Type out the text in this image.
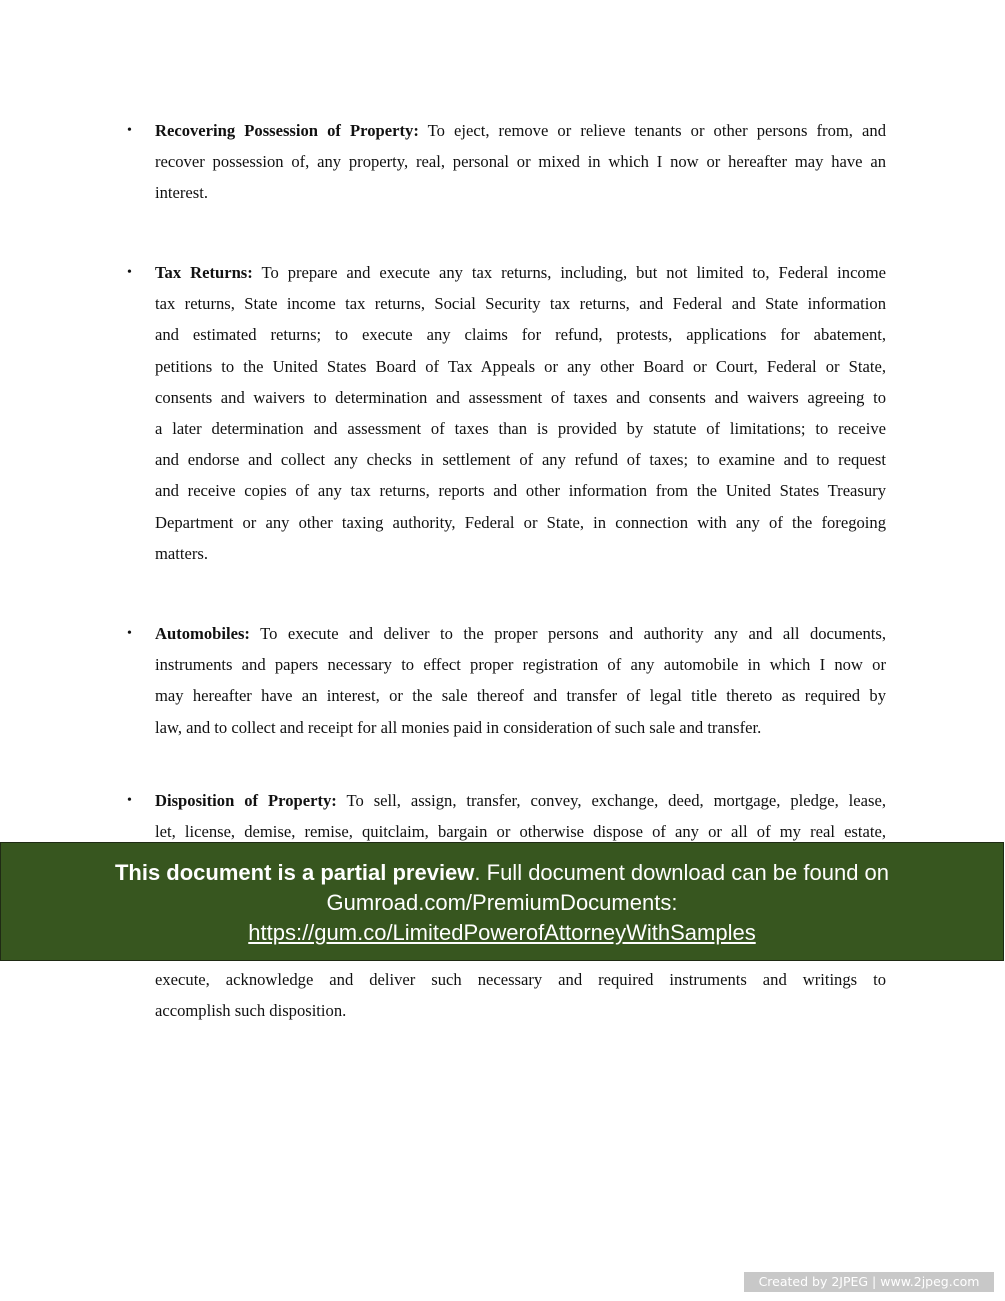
• Recovering Possession of Property: To eject, remove or relieve tenants or other persons from, and
recover possession of, any property, real, personal or mixed in which I now or hereafter may have an
interest.
• Tax Returns: To prepare and execute any tax returns, including, but not limited to, Federal income
tax returns, State income tax returns, Social Security tax returns, and Federal and State information
and estimated returns; to execute any claims for refund, protests, applications for abatement,
petitions to the United States Board of Tax Appeals or any other Board or Court, Federal or State,
consents and waivers to determination and assessment of taxes and consents and waivers agreeing to
a later determination and assessment of taxes than is provided by statute of limitations; to receive
and endorse and collect any checks in settlement of any refund of taxes; to examine and to request
and receive copies of any tax returns, reports and other information from the United States Treasury
Department or any other taxing authority, Federal or State, in connection with any of the foregoing
matters.
• Automobiles: To execute and deliver to the proper persons and authority any and all documents,
instruments and papers necessary to effect proper registration of any automobile in which I now or
may hereafter have an interest, or the sale thereof and transfer of legal title thereto as required by
law, and to collect and receipt for all monies paid in consideration of such sale and transfer.
• Disposition of Property: To sell, assign, transfer, convey, exchange, deed, mortgage, pledge, lease,
let, license, demise, remise, quitclaim, bargain or otherwise dispose of any or all of my real estate,
execute, acknowledge and deliver such necessary and required instruments and writings to
accomplish such disposition.
This document is a partial preview. Full document download can be found on
Gumroad.com/PremiumDocuments:
https://gum.co/LimitedPowerofAttorneyWithSamples
Created by 2JPEG | www.2jpeg.com
